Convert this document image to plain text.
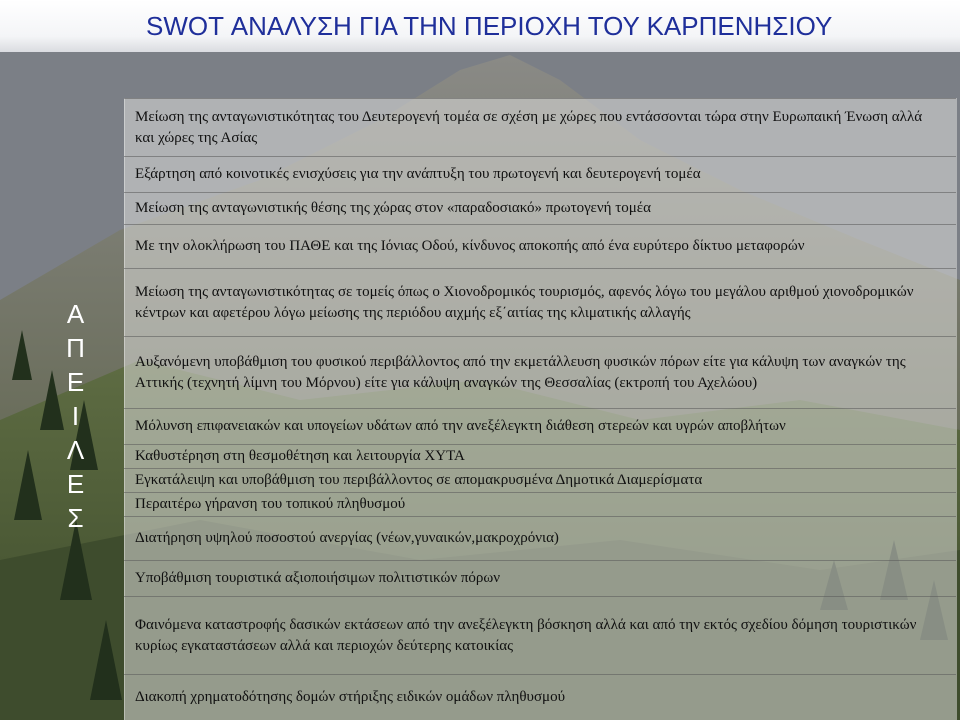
SWOT ΑΝΑΛΥΣΗ ΓΙΑ ΤΗΝ ΠΕΡΙΟΧΗ ΤΟΥ ΚΑΡΠΕΝΗΣΙΟΥ
ΑΠΕΙΛΕΣ
Μείωση της ανταγωνιστικότητας του Δευτερογενή τομέα σε σχέση με χώρες που εντάσσονται τώρα στην Ευρωπαική Ένωση αλλά και χώρες της Ασίας
Εξάρτηση από κοινοτικές ενισχύσεις για την ανάπτυξη του πρωτογενή και δευτερογενή τομέα
Μείωση της ανταγωνιστικής θέσης της χώρας στον «παραδοσιακό» πρωτογενή τομέα
Με την ολοκλήρωση του ΠΑΘΕ και της Ιόνιας Οδού, κίνδυνος αποκοπής από ένα ευρύτερο δίκτυο μεταφορών
Μείωση της ανταγωνιστικότητας σε τομείς όπως ο Χιονοδρομικός τουρισμός, αφενός λόγω του μεγάλου αριθμού χιονοδρομικών κέντρων και αφετέρου λόγω μείωσης της περιόδου αιχμής εξ΄αιτίας της κλιματικής αλλαγής
Αυξανόμενη υποβάθμιση του φυσικού περιβάλλοντος από την εκμετάλλευση φυσικών πόρων είτε για κάλυψη των αναγκών της Αττικής (τεχνητή λίμνη του Μόρνου) είτε για κάλυψη αναγκών της Θεσσαλίας (εκτροπή του Αχελώου)
Μόλυνση επιφανειακών και υπογείων υδάτων από την ανεξέλεγκτη διάθεση στερεών και υγρών αποβλήτων
Καθυστέρηση στη θεσμοθέτηση και λειτουργία ΧΥΤΑ
Εγκατάλειψη και υποβάθμιση του περιβάλλοντος σε απομακρυσμένα Δημοτικά Διαμερίσματα
Περαιτέρω γήρανση του τοπικού πληθυσμού
Διατήρηση υψηλού ποσοστού ανεργίας (νέων,γυναικών,μακροχρόνια)
Υποβάθμιση τουριστικά αξιοποιήσιμων πολιτιστικών πόρων
Φαινόμενα καταστροφής δασικών εκτάσεων από την ανεξέλεγκτη βόσκηση αλλά και από την εκτός σχεδίου δόμηση τουριστικών κυρίως εγκαταστάσεων αλλά και περιοχών δεύτερης κατοικίας
Διακοπή χρηματοδότησης δομών στήριξης ειδικών ομάδων πληθυσμού
